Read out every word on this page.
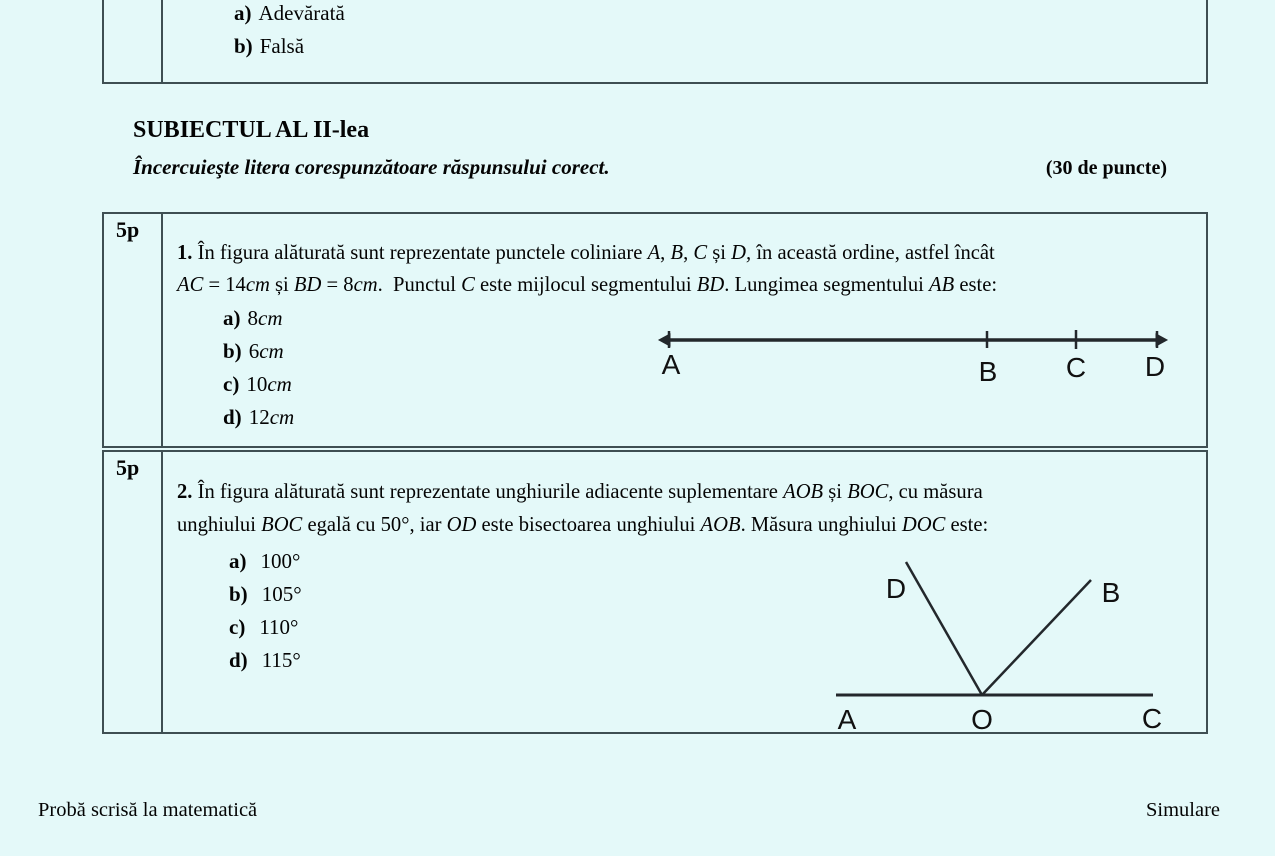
a) Adevărată
b) Falsă
SUBIECTUL AL II-lea
Încercuieşte litera corespunzătoare răspunsului corect.	(30 de puncte)
5p
1. În figura alăturată sunt reprezentate punctele coliniare A, B, C și D, în această ordine, astfel încât
AC = 14cm și BD = 8cm.  Punctul C este mijlocul segmentului BD. Lungimea segmentului AB este:
a) 8cm
b) 6cm
c) 10cm
d) 12cm
A	B C D
5p
2. În figura alăturată sunt reprezentate unghiurile adiacente suplementare AOB și BOC, cu măsura
unghiului BOC egală cu 50°, iar OD este bisectoarea unghiului AOB. Măsura unghiului DOC este:
a) 100°
b) 105°
c) 110°
d) 115°
D	B
A	O	C
Probă scrisă la matematică	Simulare
